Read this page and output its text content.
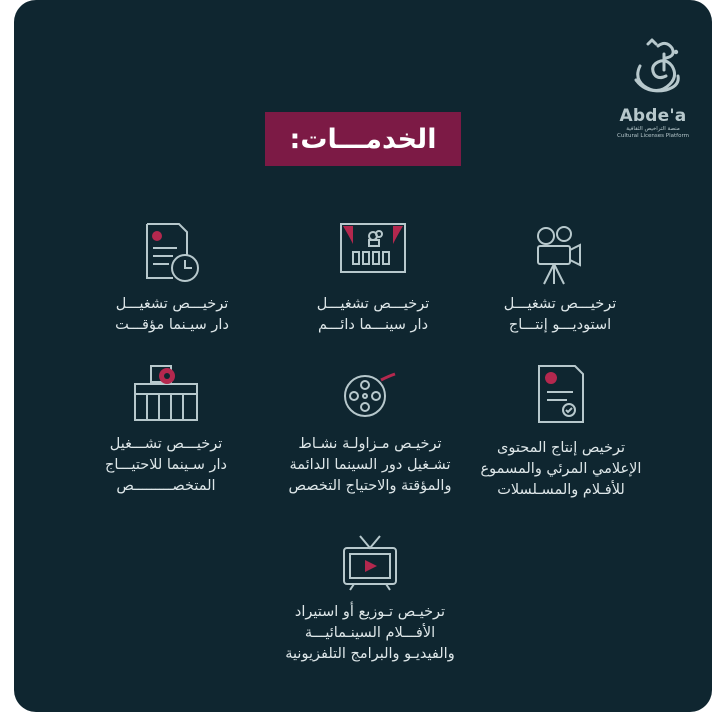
Abde'a
منصة التراخيص الثقافية
Cultural Licenses Platform
الخدمـــات:
ترخيـــص تشغيـــل
استوديـــو إنتـــاج
ترخيـــص تشغيـــل
دار سينـــما دائـــم
ترخيـــص تشغيـــل
دار سيـنما مؤقـــت
ترخيص إنتاج المحتوى
الإعلامي المرئي والمسموع
للأفـلام والمسـلسلات
ترخيـص مـزاولـة نشـاط
تشـغيل دور السينما الدائمة
والمؤقتة والاحتياج التخصص
ترخيـــص تشـــغيل
دار سـينما للاحتيـــاج
المتخصـــــــــص
ترخيـص تـوزيع أو استيراد
الأفـــلام السينـمائيـــة
والفيديـو والبرامج التلفزيونية
